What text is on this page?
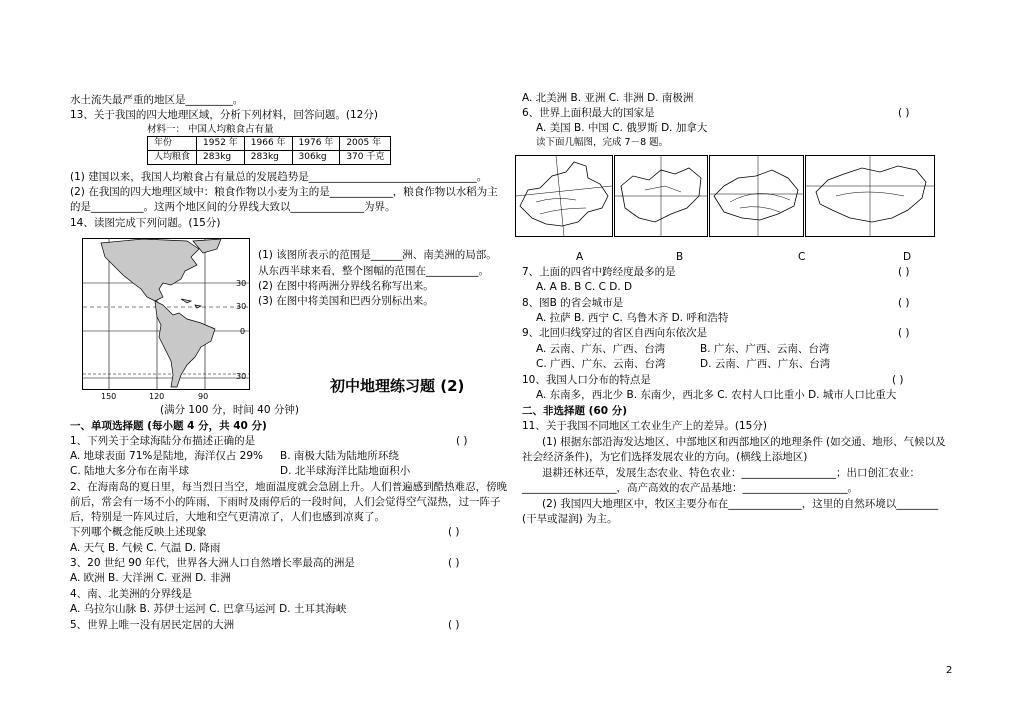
水土流失最严重的地区是_________。
13、关于我国的四大地理区域，分析下列材料，回答问题。(12分)
材料一： 中国人均粮食占有量
年份	1952 年	1966 年	1976 年	2005 年
人均粮食	283kg	283kg	306kg	370 千克
(1) 建国以来，我国人均粮食占有量总的发展趋势是________________________________。
(2) 在我国的四大地理区域中：粮食作物以小麦为主的是____________，粮食作物以水稻为主
的是__________。这两个地区间的分界线大致以______________为界。
14、读图完成下列问题。(15分)
30
30
0
30
150	120	90
(1) 该图所表示的范围是______洲、南美洲的局部。
从东西半球来看，整个图幅的范围在__________。
(2) 在图中将两洲分界线名称写出来。
(3) 在图中将美国和巴西分别标出来。
初中地理练习题 (2)
(满分 100 分，时间 40 分钟)
一、单项选择题 (每小题 4 分，共 40 分)
1、下列关于全球海陆分布描述正确的是	( )
A. 地球表面 71%是陆地，海洋仅占 29% B. 南极大陆为陆地所环绕
C. 陆地大多分布在南半球	D. 北半球海洋比陆地面积小
2、在海南岛的夏日里，每当烈日当空，地面温度就会急剧上升。人们普遍感到酷热难忍，傍晚
前后，常会有一场不小的阵雨，下雨时及雨停后的一段时间，人们会觉得空气湿热，过一阵子
后，特别是一阵风过后，大地和空气更清凉了，人们也感到凉爽了。
下列哪个概念能反映上述现象	( )
A. 天气 B. 气候 C. 气温 D. 降雨
3、20 世纪 90 年代，世界各大洲人口自然增长率最高的洲是	( )
A. 欧洲 B. 大洋洲 C. 亚洲 D. 非洲
4、南、北美洲的分界线是
A. 乌拉尔山脉 B. 苏伊士运河 C. 巴拿马运河 D. 土耳其海峡
5、世界上唯一没有居民定居的大洲	( )
A. 北美洲 B. 亚洲 C. 非洲 D. 南极洲
6、世界上面积最大的国家是	( )
A. 美国 B. 中国 C. 俄罗斯 D. 加拿大
读下面几幅图，完成 7－8 题。
A	B	C	D
7、上面的四省中跨经度最多的是	( )
A. A B. B C. C D. D
8、图B 的省会城市是	( )
A. 拉萨 B. 西宁 C. 乌鲁木齐 D. 呼和浩特
9、北回归线穿过的省区自西向东依次是	( )
A. 云南、广东、广西、台湾	B. 广东、广西、云南、台湾
C. 广西、广东、云南、台湾	D. 云南、广西、广东、台湾
10、我国人口分布的特点是	( )
A. 东南多，西北少 B. 东南少，西北多 C. 农村人口比重小 D. 城市人口比重大
二、非选择题 (60 分)
11、关于我国不同地区工农业生产上的差异。(15分)
(1) 根据东部沿海发达地区、中部地区和西部地区的地理条件 (如交通、地形、气候以及
社会经济条件)，为它们选择发展农业的方向。(横线上添地区)
退耕还林还草，发展生态农业、特色农业：__________________；出口创汇农业：
__________________，高产高效的农产品基地：____________________。
(2) 我国四大地理区中，牧区主要分布在______________，这里的自然环境以________
(干旱或湿润) 为主。
2
